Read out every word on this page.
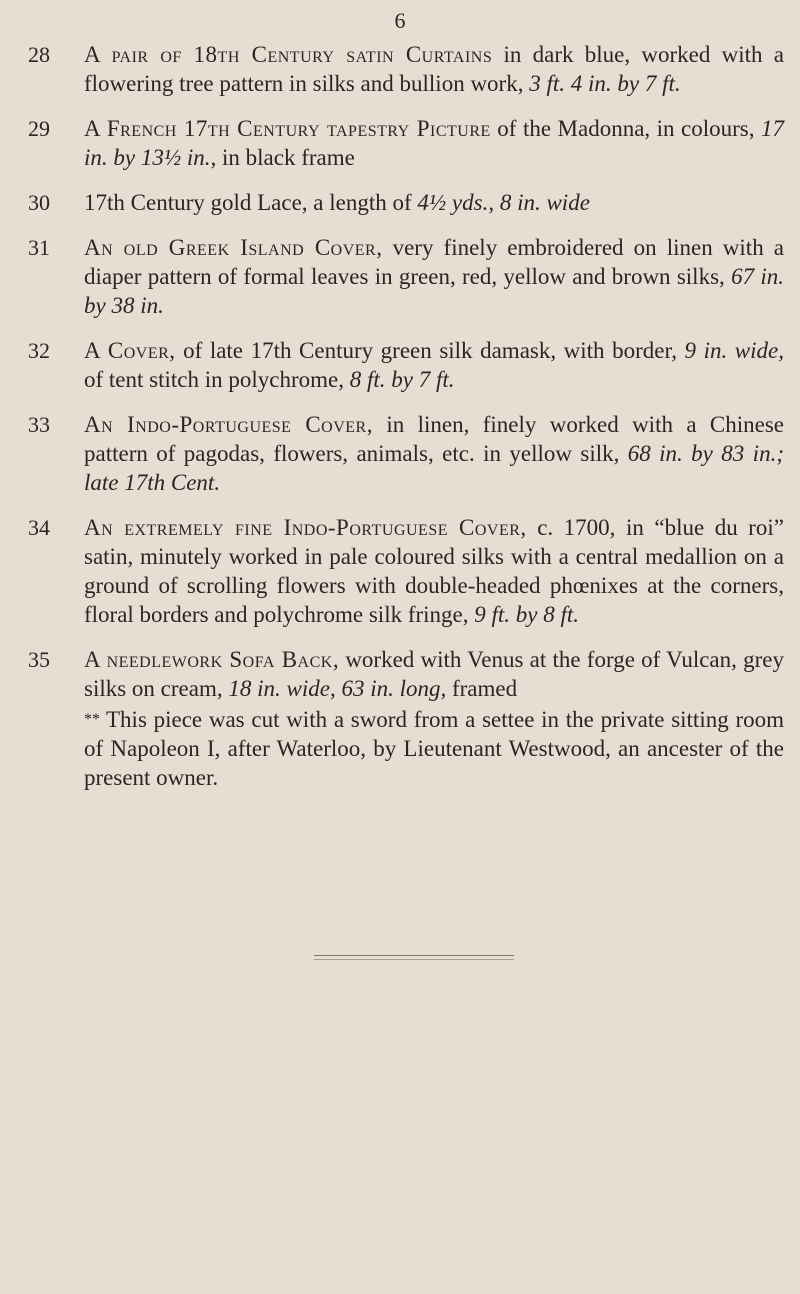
6
28	A pair of 18th Century satin Curtains in dark blue, worked with a flowering tree pattern in silks and bullion work, 3 ft. 4 in. by 7 ft.
29	A French 17th Century tapestry Picture of the Madonna, in colours, 17 in. by 13½ in., in black frame
30	17th Century gold Lace, a length of 4½ yds., 8 in. wide
31	An old Greek Island Cover, very finely embroidered on linen with a diaper pattern of formal leaves in green, red, yellow and brown silks, 67 in. by 38 in.
32	A Cover, of late 17th Century green silk damask, with border, 9 in. wide, of tent stitch in polychrome, 8 ft. by 7 ft.
33	An Indo-Portuguese Cover, in linen, finely worked with a Chinese pattern of pagodas, flowers, animals, etc. in yellow silk, 68 in. by 83 in.; late 17th Cent.
34	An extremely fine Indo-Portuguese Cover, c. 1700, in “blue du roi” satin, minutely worked in pale coloured silks with a central medallion on a ground of scrolling flowers with double-headed phœnixes at the corners, floral borders and polychrome silk fringe, 9 ft. by 8 ft.
35	A needlework Sofa Back, worked with Venus at the forge of Vulcan, grey silks on cream, 18 in. wide, 63 in. long, framed
** This piece was cut with a sword from a settee in the private sitting room of Napoleon I, after Waterloo, by Lieutenant Westwood, an ancester of the present owner.
